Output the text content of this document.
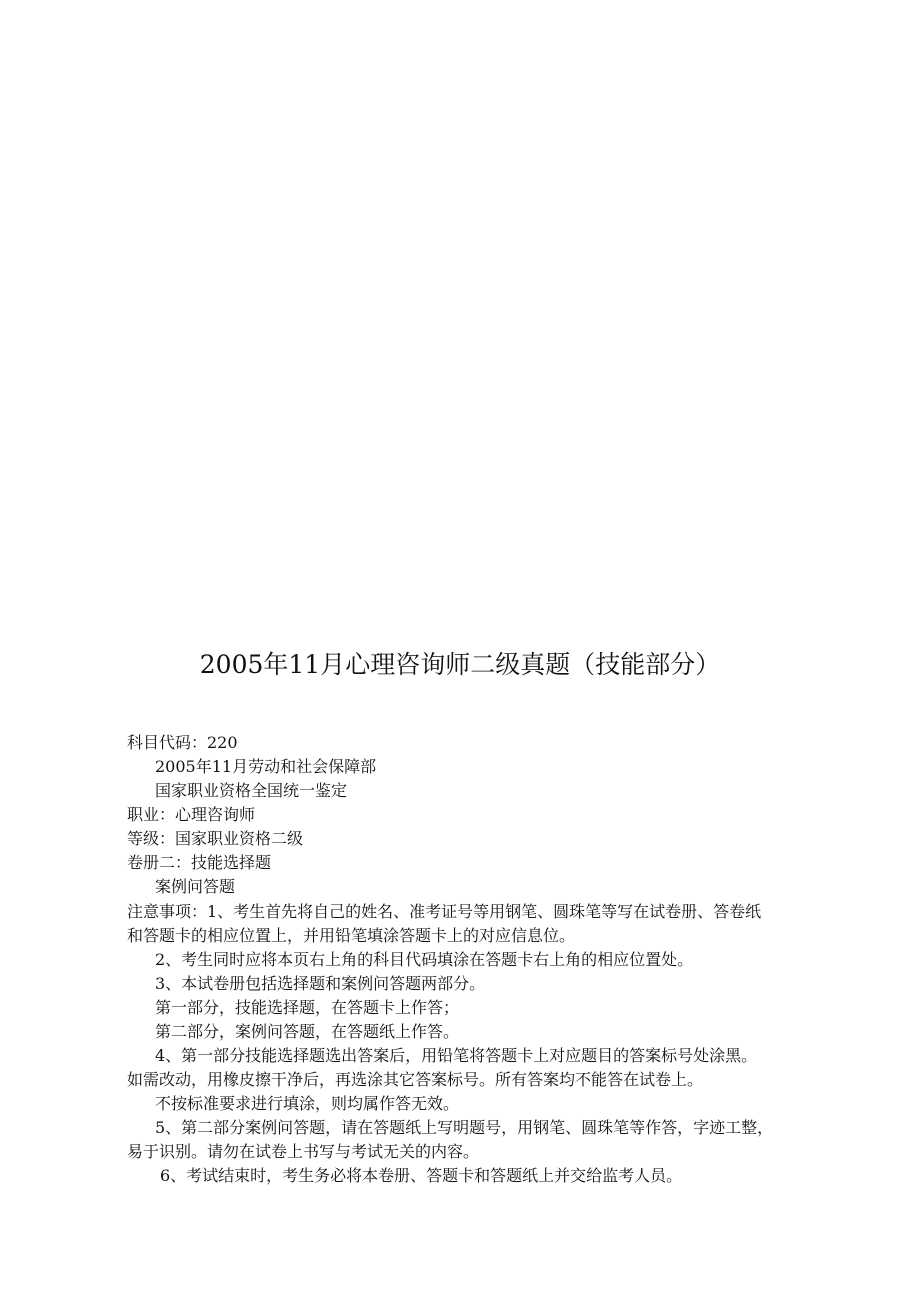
2005年11月心理咨询师二级真题（技能部分）
科目代码：220
2005年11月劳动和社会保障部
国家职业资格全国统一鉴定
职业：心理咨询师
等级：国家职业资格二级
卷册二：技能选择题
案例问答题
注意事项：1、考生首先将自己的姓名、准考证号等用钢笔、圆珠笔等写在试卷册、答卷纸
和答题卡的相应位置上，并用铅笔填涂答题卡上的对应信息位。
2、考生同时应将本页右上角的科目代码填涂在答题卡右上角的相应位置处。
3、本试卷册包括选择题和案例问答题两部分。
第一部分，技能选择题，在答题卡上作答；
第二部分，案例问答题，在答题纸上作答。
4、第一部分技能选择题选出答案后，用铅笔将答题卡上对应题目的答案标号处涂黑。
如需改动，用橡皮擦干净后，再选涂其它答案标号。所有答案均不能答在试卷上。
不按标准要求进行填涂，则均属作答无效。
5、第二部分案例问答题，请在答题纸上写明题号，用钢笔、圆珠笔等作答，字迹工整，
易于识别。请勿在试卷上书写与考试无关的内容。
6、考试结束时，考生务必将本卷册、答题卡和答题纸上并交给监考人员。
